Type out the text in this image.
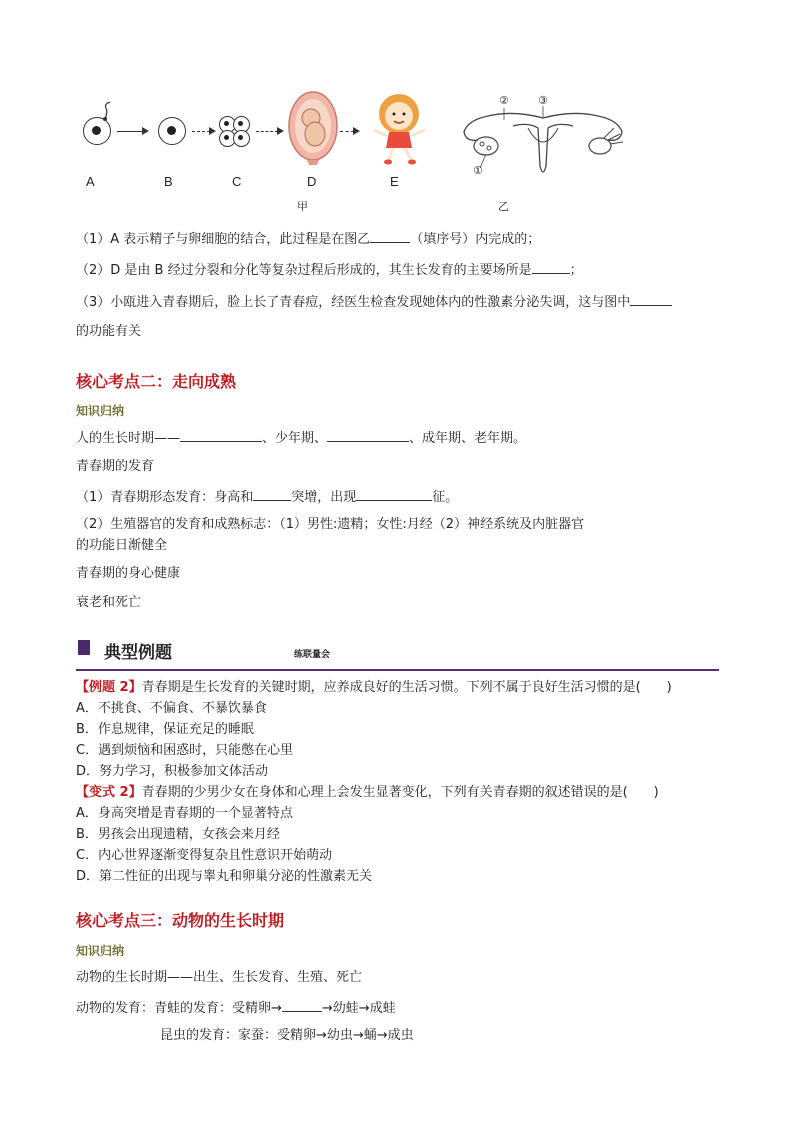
A	B	C	D	E
甲
①
②	③
乙
（1）A 表示精子与卵细胞的结合，此过程是在图乙	（填序号）内完成的；
（2）D 是由 B 经过分裂和分化等复杂过程后形成的，其生长发育的主要场所是	；
（3）小瓯进入青春期后，脸上长了青春痘，经医生检查发现她体内的性激素分泌失调，这与图中
的功能有关
核心考点二：走向成熟
知识归纳
人的生长时期——	、少年期、	、成年期、老年期。
青春期的发育
（1）青春期形态发育：身高和	突增，出现	征。
（2）生殖器官的发育和成熟标志：（1）男性:遗精；女性:月经（2）神经系统及内脏器官
的功能日渐健全
青春期的身心健康
衰老和死亡
典型例题	练联量会
【例题 2】青春期是生长发育的关键时期，应养成良好的生活习惯。下列不属于良好生活习惯的是(　　)
A．不挑食、不偏食、不暴饮暴食
B．作息规律，保证充足的睡眠
C．遇到烦恼和困惑时，只能憋在心里
D．努力学习，积极参加文体活动
【变式 2】青春期的少男少女在身体和心理上会发生显著变化，下列有关青春期的叙述错误的是(　　)
A．身高突增是青春期的一个显著特点
B．男孩会出现遗精，女孩会来月经
C．内心世界逐渐变得复杂且性意识开始萌动
D．第二性征的出现与睾丸和卵巢分泌的性激素无关
核心考点三：动物的生长时期
知识归纳
动物的生长时期——出生、生长发育、生殖、死亡
动物的发育：青蛙的发育：受精卵→	→幼蛙→成蛙
昆虫的发育：家蚕：受精卵→幼虫→蛹→成虫
